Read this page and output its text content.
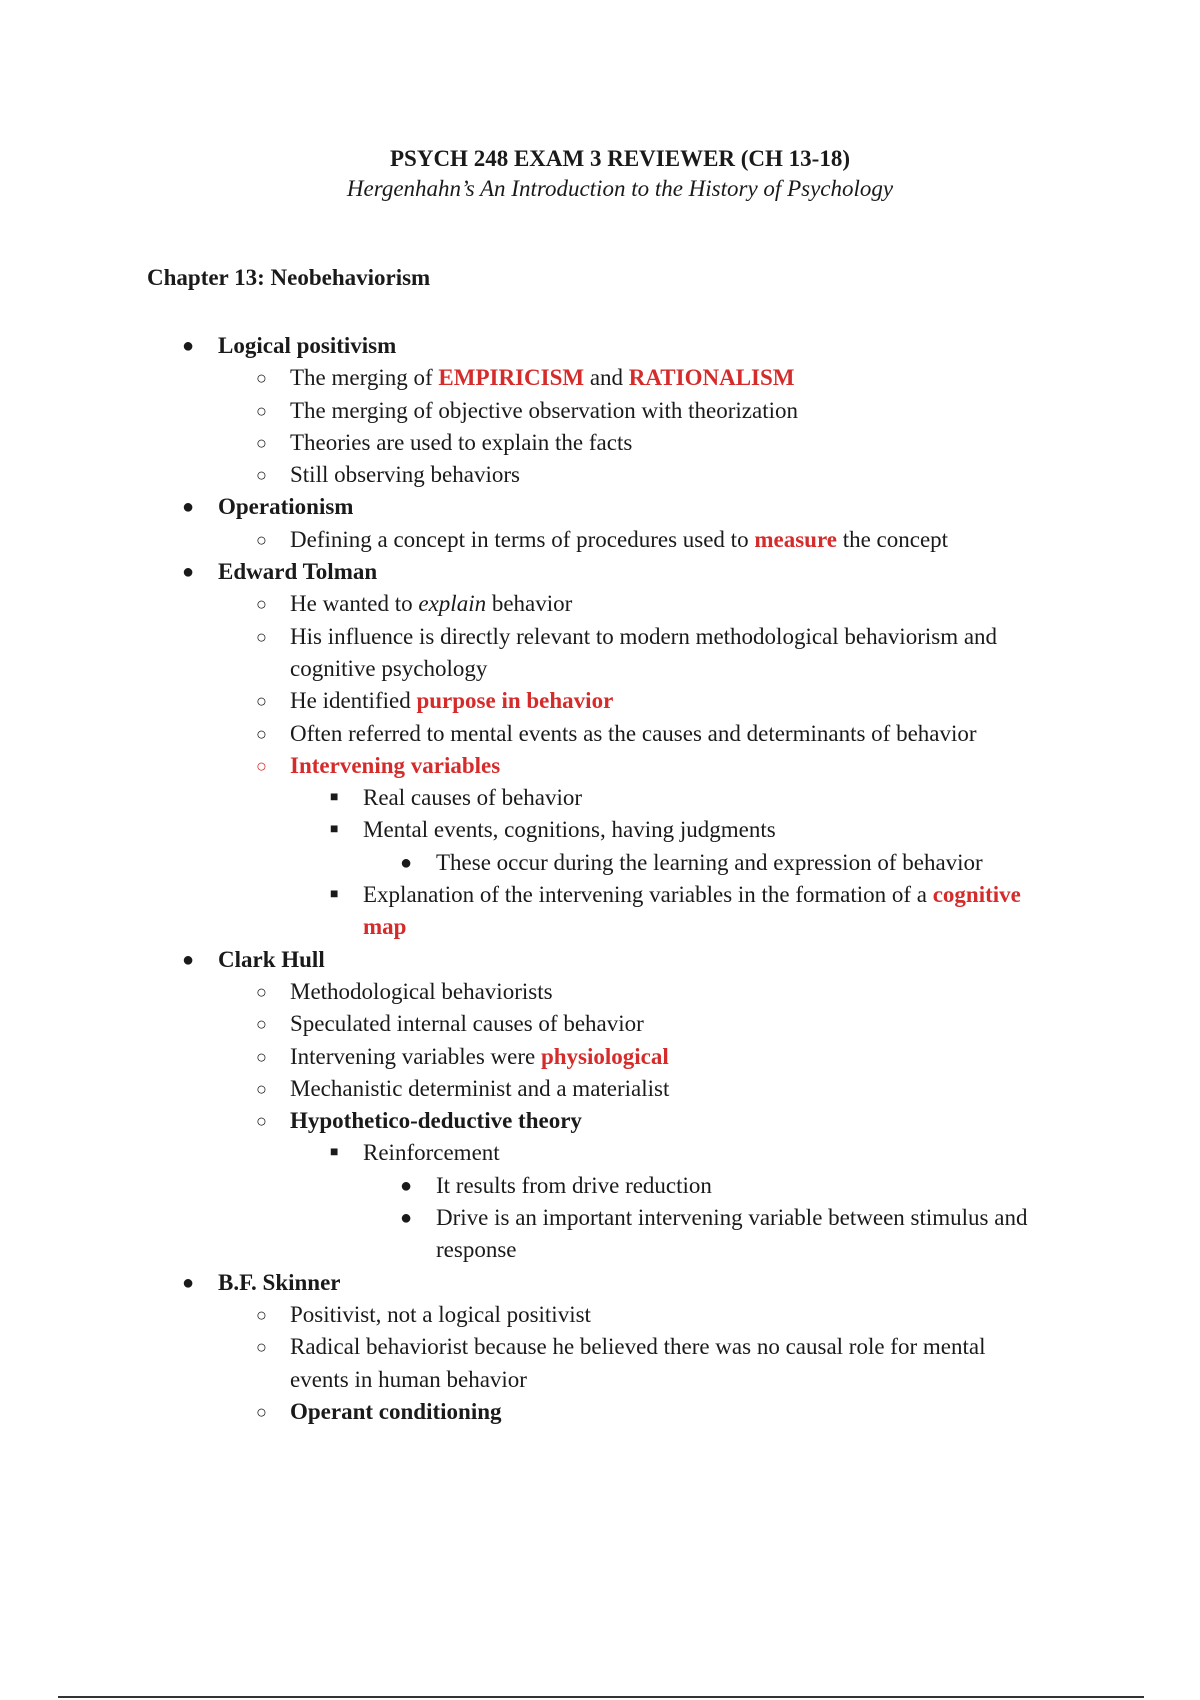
PSYCH 248 EXAM 3 REVIEWER (CH 13-18)
Hergenhahn’s An Introduction to the History of Psychology
Chapter 13: Neobehaviorism
● Logical positivism
○ The merging of EMPIRICISM and RATIONALISM
○ The merging of objective observation with theorization
○ Theories are used to explain the facts
○ Still observing behaviors
● Operationism
○ Defining a concept in terms of procedures used to measure the concept
● Edward Tolman
○ He wanted to explain behavior
○ His influence is directly relevant to modern methodological behaviorism and
cognitive psychology
○ He identified purpose in behavior
○ Often referred to mental events as the causes and determinants of behavior
○ Intervening variables
■ Real causes of behavior
■ Mental events, cognitions, having judgments
● These occur during the learning and expression of behavior
■ Explanation of the intervening variables in the formation of a cognitive
map
● Clark Hull
○ Methodological behaviorists
○ Speculated internal causes of behavior
○ Intervening variables were physiological
○ Mechanistic determinist and a materialist
○ Hypothetico-deductive theory
■ Reinforcement
● It results from drive reduction
● Drive is an important intervening variable between stimulus and
response
● B.F. Skinner
○ Positivist, not a logical positivist
○ Radical behaviorist because he believed there was no causal role for mental
events in human behavior
○ Operant conditioning
